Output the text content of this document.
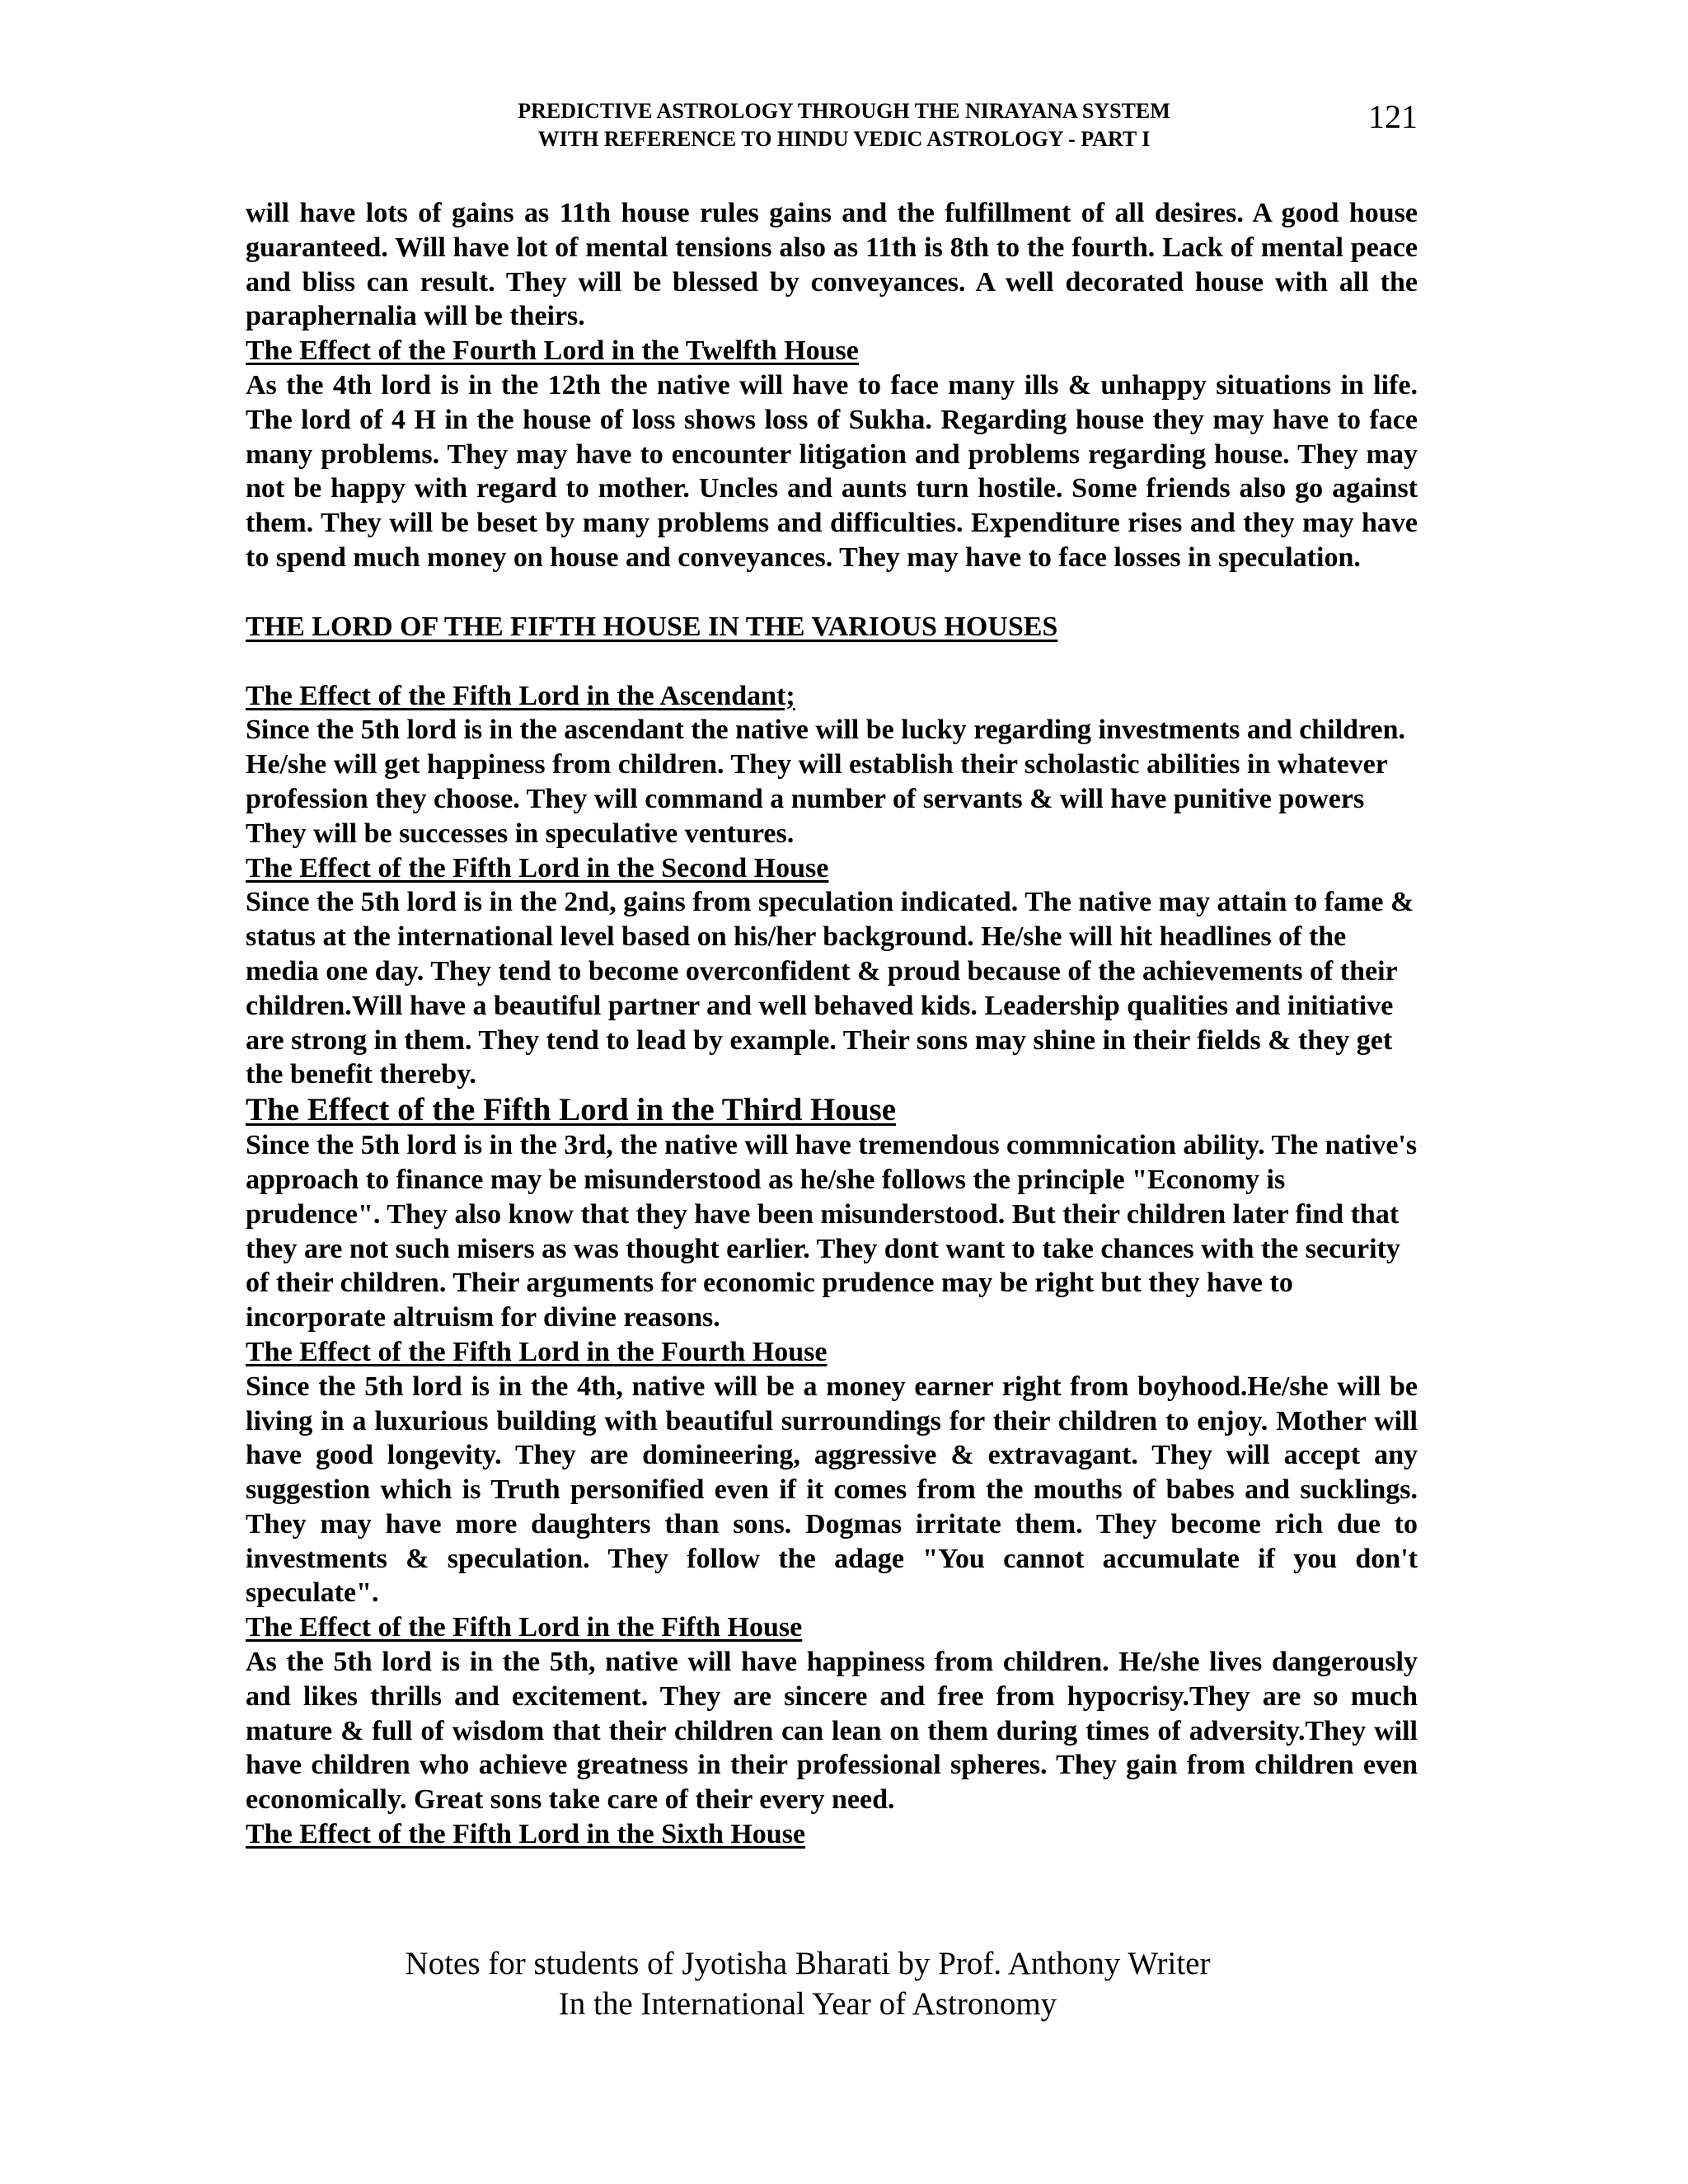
PREDICTIVE ASTROLOGY THROUGH THE NIRAYANA SYSTEM
WITH REFERENCE TO HINDU VEDIC ASTROLOGY - PART I
121

will have lots of gains as 11th house rules gains and the fulfillment of all desires. A good house guaranteed. Will have lot of mental tensions also as 11th is 8th to the fourth. Lack of mental peace and bliss can result. They will be blessed by conveyances. A well decorated house with all the paraphernalia will be theirs.

The Effect of the Fourth Lord in the Twelfth House

As the 4th lord is in the 12th the native will have to face many ills & unhappy situations in life. The lord of 4 H in the house of loss shows loss of Sukha. Regarding house they may have to face many problems. They may have to encounter litigation and problems regarding house. They may not be happy with regard to mother. Uncles and aunts turn hostile. Some friends also go against them. They will be beset by many problems and difficulties. Expenditure rises and they may have to spend much money on house and conveyances. They may have to face losses in speculation.

THE LORD OF THE FIFTH HOUSE IN THE VARIOUS HOUSES

The Effect of the Fifth Lord in the Ascendant;

Since the 5th lord is in the ascendant the native will be lucky regarding investments and children. He/she will get happiness from children. They will establish their scholastic abilities in whatever profession they choose. They will command a number of servants & will have punitive powers They will be successes in speculative ventures.

The Effect of the Fifth Lord in the Second House

Since the 5th lord is in the 2nd, gains from speculation indicated. The native may attain to fame & status at the international level based on his/her background. He/she will hit headlines of the media one day. They tend to become overconfident & proud because of the achievements of their children.Will have a beautiful partner and well behaved kids. Leadership qualities and initiative are strong in them. They tend to lead by example. Their sons may shine in their fields & they get the benefit thereby.

The Effect of the Fifth Lord in the Third House

Since the 5th lord is in the 3rd, the native will have tremendous commnication ability. The native's approach to finance may be misunderstood as he/she follows the principle "Economy is prudence". They also know that they have been misunderstood. But their children later find that they are not such misers as was thought earlier. They dont want to take chances with the security of their children. Their arguments for economic prudence may be right but they have to incorporate altruism for divine reasons.

The Effect of the Fifth Lord in the Fourth House

Since the 5th lord is in the 4th, native will be a money earner right from boyhood.He/she will be living in a luxurious building with beautiful surroundings for their children to enjoy. Mother will have good longevity. They are domineering, aggressive & extravagant. They will accept any suggestion which is Truth personified even if it comes from the mouths of babes and sucklings. They may have more daughters than sons. Dogmas irritate them. They become rich due to investments & speculation. They follow the adage "You cannot accumulate if you don't speculate".

The Effect of the Fifth Lord in the Fifth House

As the 5th lord is in the 5th, native will have happiness from children. He/she lives dangerously and likes thrills and excitement. They are sincere and free from hypocrisy.They are so much mature & full of wisdom that their children can lean on them during times of adversity.They will have children who achieve greatness in their professional spheres. They gain from children even economically. Great sons take care of their every need.

The Effect of the Fifth Lord in the Sixth House

Notes for students of Jyotisha Bharati by Prof. Anthony Writer
In the International Year of Astronomy
